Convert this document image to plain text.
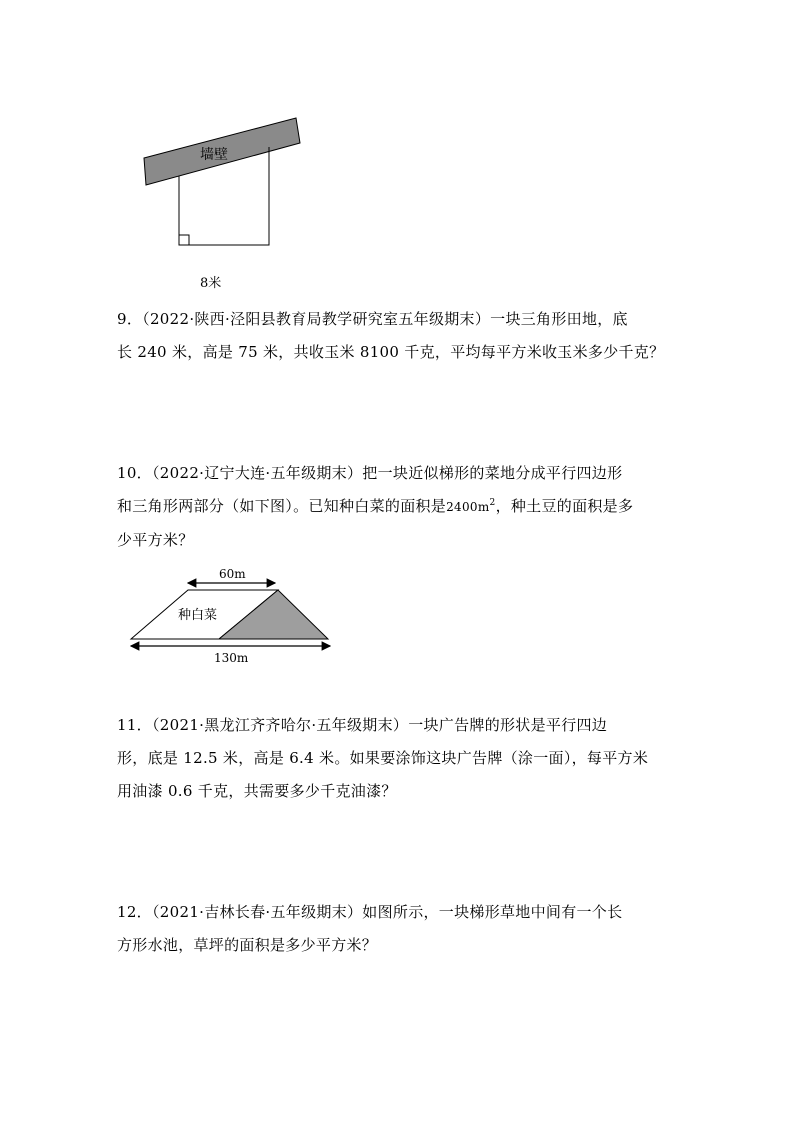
墙壁
8米

9．（2022·陕西·泾阳县教育局教学研究室五年级期末）一块三角形田地，底

长 240 米，高是 75 米，共收玉米 8100 千克，平均每平方米收玉米多少千克？

10．（2022·辽宁大连·五年级期末）把一块近似梯形的菜地分成平行四边形

和三角形两部分（如下图）。已知种白菜的面积是$2400m^2$，种土豆的面积是多

少平方米？

60m
种白菜
130m

11．（2021·黑龙江齐齐哈尔·五年级期末）一块广告牌的形状是平行四边

形，底是 12.5 米，高是 6.4 米。如果要涂饰这块广告牌（涂一面），每平方米

用油漆 0.6 千克，共需要多少千克油漆？

12．（2021·吉林长春·五年级期末）如图所示，一块梯形草地中间有一个长

方形水池，草坪的面积是多少平方米？
